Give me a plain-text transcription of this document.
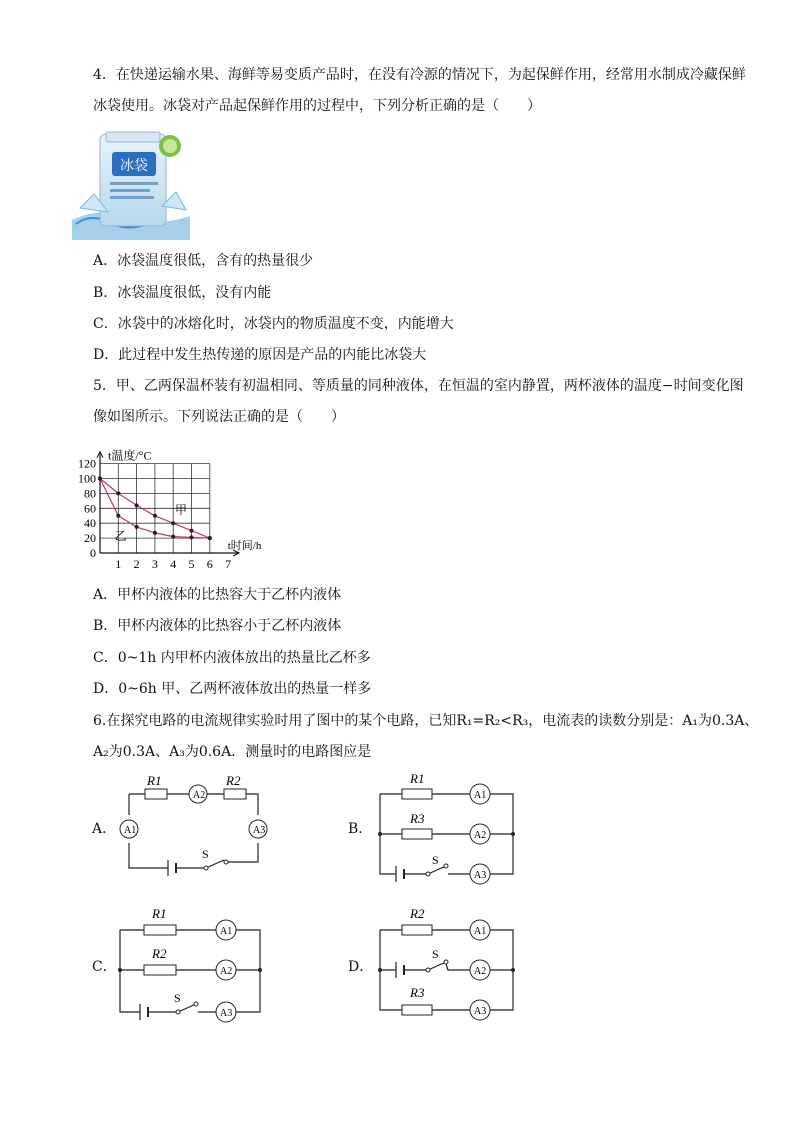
4．在快递运输水果、海鲜等易变质产品时，在没有冷源的情况下，为起保鲜作用，经常用水制成冷藏保鲜
冰袋使用。冰袋对产品起保鲜作用的过程中，下列分析正确的是（　　）
冰袋
A．冰袋温度很低，含有的热量很少
B．冰袋温度很低，没有内能
C．冰袋中的冰熔化时，冰袋内的物质温度不变，内能增大
D．此过程中发生热传递的原因是产品的内能比冰袋大
5．甲、乙两保温杯装有初温相同、等质量的同种液体，在恒温的室内静置，两杯液体的温度−时间变化图
像如图所示。下列说法正确的是（　　）
120
100
80
60
40
20
0
1 2 3 4 5 6 7
t温度/°C
t时间/h
甲
乙
A．甲杯内液体的比热容大于乙杯内液体
B．甲杯内液体的比热容小于乙杯内液体
C．0~1h 内甲杯内液体放出的热量比乙杯多
D．0~6h 甲、乙两杯液体放出的热量一样多
6.在探究电路的电流规律实验时用了图中的某个电路，已知R₁=R₂<R₃，电流表的读数分别是：A₁为0.3A、
A₂为0.3A、A₃为0.6A．测量时的电路图应是
A．
R1	R2
A2
A1	A3
S
B．
R1
R3
A1
A2
A3
S
C．
R1
R2
A1
A2
A3
S
D．
R2
R3
A1
A2
A3
S
